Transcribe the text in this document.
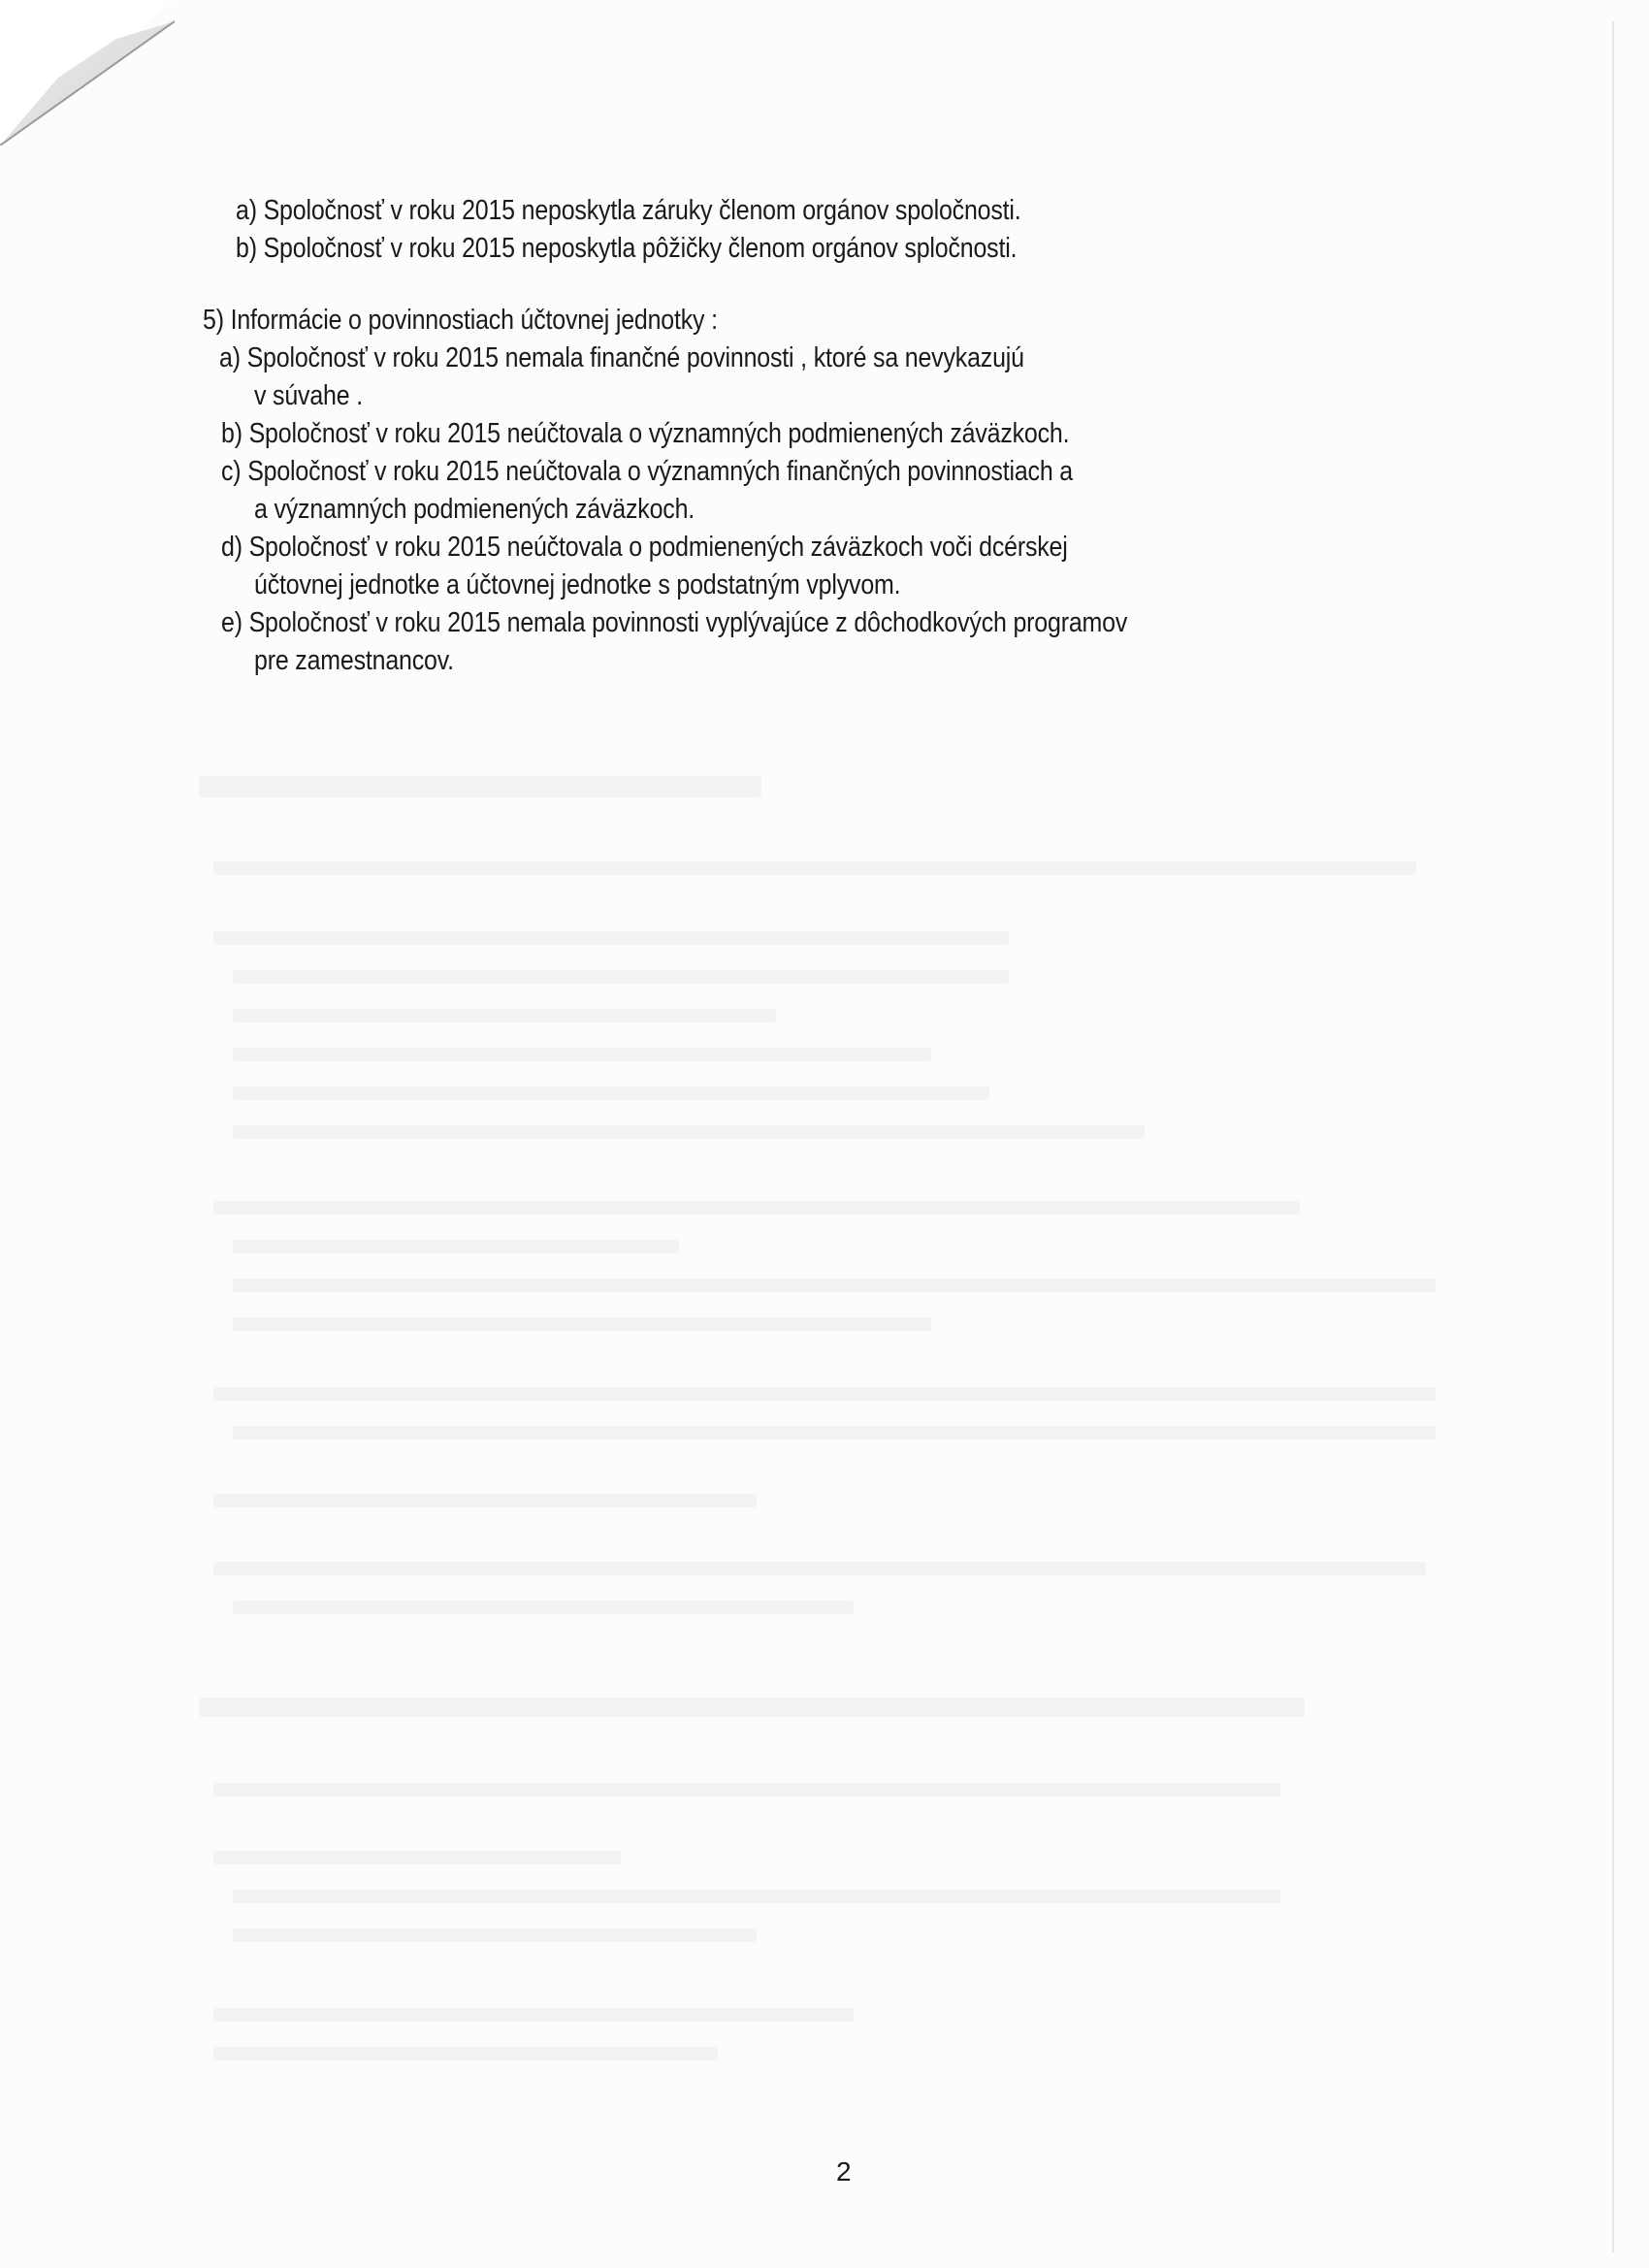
a) Spoločnosť v roku 2015 neposkytla záruky členom orgánov spoločnosti.
b) Spoločnosť v roku 2015 neposkytla pôžičky členom orgánov spločnosti.
5) Informácie o povinnostiach účtovnej jednotky :
a) Spoločnosť v roku 2015 nemala finančné povinnosti , ktoré sa nevykazujú
v súvahe .
b) Spoločnosť v roku 2015 neúčtovala o významných podmienených záväzkoch.
c) Spoločnosť v roku 2015 neúčtovala o významných finančných povinnostiach a
a významných podmienených záväzkoch.
d) Spoločnosť v roku 2015 neúčtovala o podmienených záväzkoch voči dcérskej
účtovnej jednotke a účtovnej jednotke s podstatným vplyvom.
e) Spoločnosť v roku 2015 nemala povinnosti vyplývajúce z dôchodkových programov
pre zamestnancov.
2
